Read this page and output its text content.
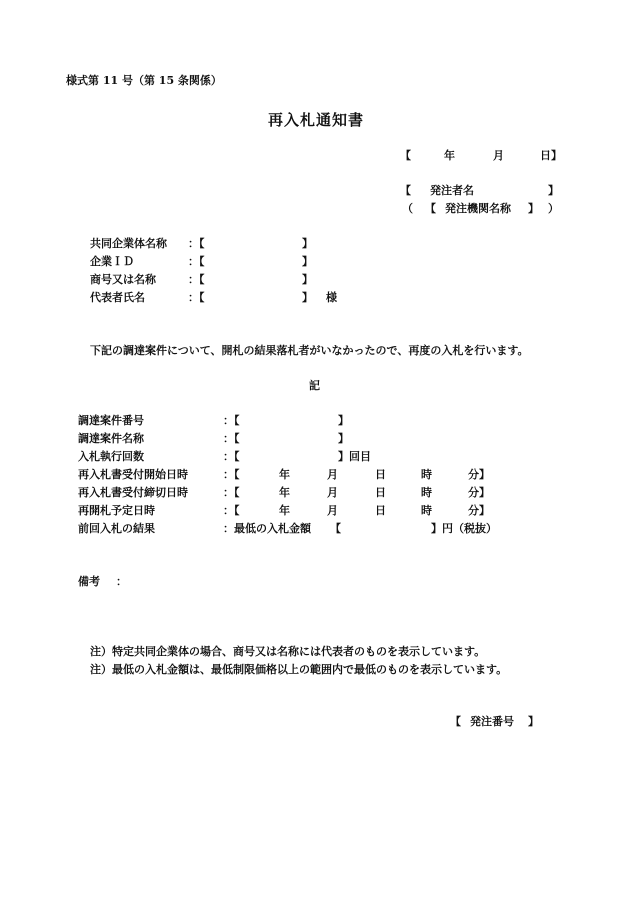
様式第 11 号（第 15 条関係）
再入札通知書
【	年	月	日】
【 発注者名	】
（ 【 発注機関名称 】 ）
共同企業体名称 ：【	】
企業ＩＤ	：【	】
商号又は名称	：【	】
代表者氏名	：【	】 様
下記の調達案件について、開札の結果落札者がいなかったので、再度の入札を行います。
記
調達案件番号	：【	】
調達案件名称	：【	】
入札執行回数	：【	】回目
再入札書受付開始日時	：【	年	月	日	時	分】
再入札書受付締切日時	：【	年	月	日	時	分】
再開札予定日時	：【	年	月	日	時	分】
前回入札の結果	：最低の入札金額 【	】円（税抜）
備考 ：
注）特定共同企業体の場合、商号又は名称には代表者のものを表示しています。
注）最低の入札金額は、最低制限価格以上の範囲内で最低のものを表示しています。
【 発注番号 】
